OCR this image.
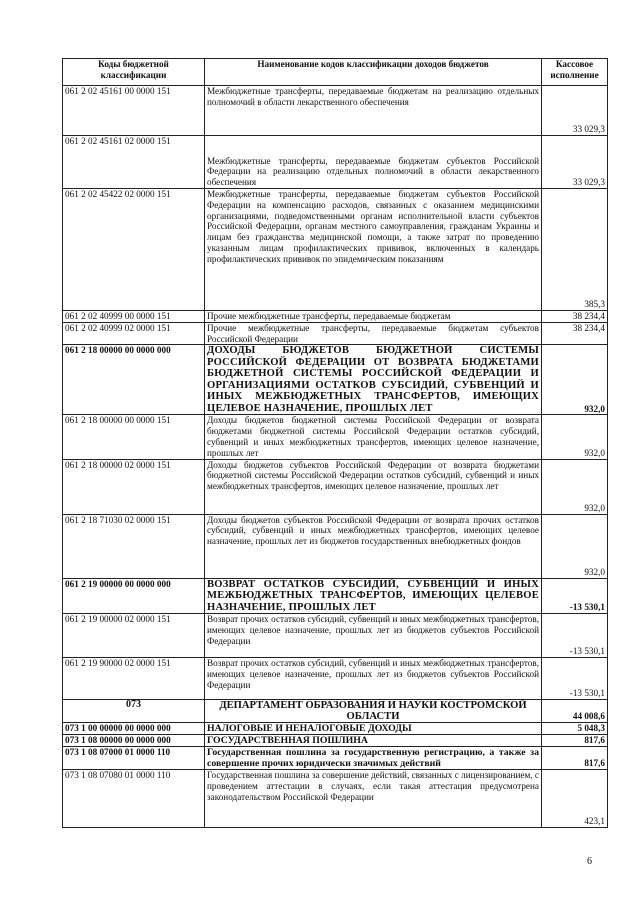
Коды бюджетной классификации	Наименование кодов классификации доходов бюджетов	Кассовое исполнение
061 2 02 45161 00 0000 151	Межбюджетные трансферты, передаваемые бюджетам на реализацию отдельных полномочий в области лекарственного обеспечения	33 029,3
061 2 02 45161 02 0000 151	Межбюджетные трансферты, передаваемые бюджетам субъектов Российской Федерации на реализацию отдельных полномочий в области лекарственного обеспечения	33 029,3
061 2 02 45422 02 0000 151	Межбюджетные трансферты, передаваемые бюджетам субъектов Российской Федерации на компенсацию расходов, связанных с оказанием медицинскими организациями, подведомственными органам исполнительной власти субъектов Российской Федерации, органам местного самоуправления, гражданам Украины и лицам без гражданства медицинской помощи, а также затрат по проведению указанным лицам профилактических прививок, включенных в календарь профилактических прививок по эпидемическим показаниям	385,3
061 2 02 40999 00 0000 151	Прочие межбюджетные трансферты, передаваемые бюджетам	38 234,4
061 2 02 40999 02 0000 151	Прочие межбюджетные трансферты, передаваемые бюджетам субъектов Российской Федерации	38 234,4
061 2 18 00000 00 0000 000	ДОХОДЫ БЮДЖЕТОВ БЮДЖЕТНОЙ СИСТЕМЫ РОССИЙСКОЙ ФЕДЕРАЦИИ ОТ ВОЗВРАТА БЮДЖЕТАМИ БЮДЖЕТНОЙ СИСТЕМЫ РОССИЙСКОЙ ФЕДЕРАЦИИ И ОРГАНИЗАЦИЯМИ ОСТАТКОВ СУБСИДИЙ, СУБВЕНЦИЙ И ИНЫХ МЕЖБЮДЖЕТНЫХ ТРАНСФЕРТОВ, ИМЕЮЩИХ ЦЕЛЕВОЕ НАЗНАЧЕНИЕ, ПРОШЛЫХ ЛЕТ	932,0
061 2 18 00000 00 0000 151	Доходы бюджетов бюджетной системы Российской Федерации от возврата бюджетами бюджетной системы Российской Федерации остатков субсидий, субвенций и иных межбюджетных трансфертов, имеющих целевое назначение, прошлых лет	932,0
061 2 18 00000 02 0000 151	Доходы бюджетов субъектов Российской Федерации от возврата бюджетами бюджетной системы Российской Федерации остатков субсидий, субвенций и иных межбюджетных трансфертов, имеющих целевое назначение, прошлых лет	932,0
061 2 18 71030 02 0000 151	Доходы бюджетов субъектов Российской Федерации от возврата прочих остатков субсидий, субвенций и иных межбюджетных трансфертов, имеющих целевое назначение, прошлых лет из бюджетов государственных внебюджетных фондов	932,0
061 2 19 00000 00 0000 000	ВОЗВРАТ ОСТАТКОВ СУБСИДИЙ, СУБВЕНЦИЙ И ИНЫХ МЕЖБЮДЖЕТНЫХ ТРАНСФЕРТОВ, ИМЕЮЩИХ ЦЕЛЕВОЕ НАЗНАЧЕНИЕ, ПРОШЛЫХ ЛЕТ	-13 530,1
061 2 19 00000 02 0000 151	Возврат прочих остатков субсидий, субвенций и иных межбюджетных трансфертов, имеющих целевое назначение, прошлых лет из бюджетов субъектов Российской Федерации	-13 530,1
061 2 19 90000 02 0000 151	Возврат прочих остатков субсидий, субвенций и иных межбюджетных трансфертов, имеющих целевое назначение, прошлых лет из бюджетов субъектов Российской Федерации	-13 530,1
073	ДЕПАРТАМЕНТ ОБРАЗОВАНИЯ И НАУКИ КОСТРОМСКОЙ ОБЛАСТИ	44 008,6
073 1 00 00000 00 0000 000	НАЛОГОВЫЕ И НЕНАЛОГОВЫЕ ДОХОДЫ	5 048,3
073 1 08 00000 00 0000 000	ГОСУДАРСТВЕННАЯ ПОШЛИНА	817,6
073 1 08 07000 01 0000 110	Государственная пошлина за государственную регистрацию, а также за совершение прочих юридически значимых действий	817,6
073 1 08 07080 01 0000 110	Государственная пошлина за совершение действий, связанных с лицензированием, с проведением аттестации в случаях, если такая аттестация предусмотрена законодательством Российской Федерации	423,1
6
